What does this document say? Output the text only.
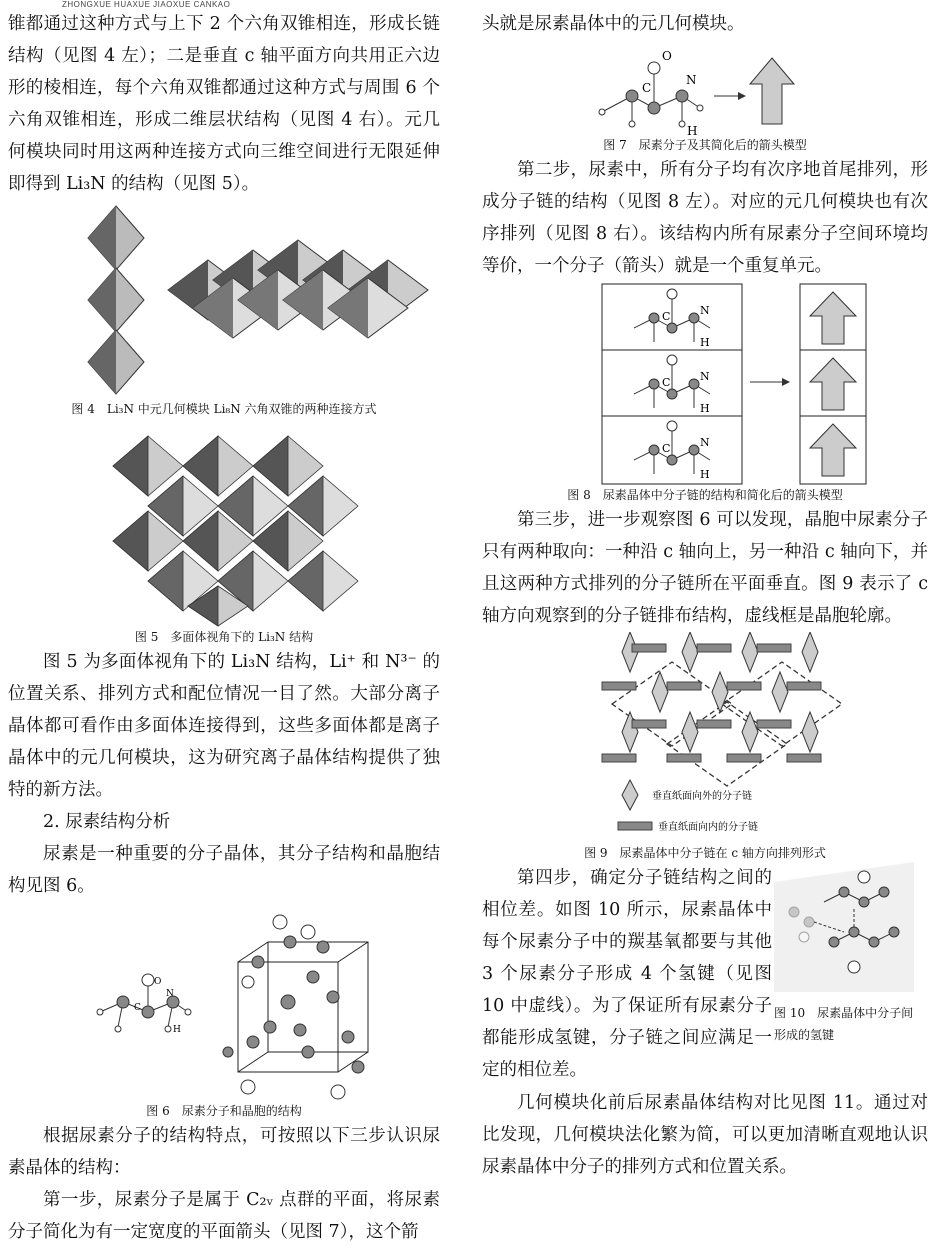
ZHONGXUE HUAXUE JIAOXUE CANKAO

锥都通过这种方式与上下 2 个六角双锥相连，形成长链结构（见图 4 左）；二是垂直 c 轴平面方向共用正六边形的棱相连，每个六角双锥都通过这种方式与周围 6 个六角双锥相连，形成二维层状结构（见图 4 右）。元几何模块同时用这两种连接方式向三维空间进行无限延伸即得到 Li₃N 的结构（见图 5）。

图 4　Li₃N 中元几何模块 Li₈N 六角双锥的两种连接方式

图 5　多面体视角下的 Li₃N 结构

图 5 为多面体视角下的 Li₃N 结构，Li⁺ 和 N³⁻ 的位置关系、排列方式和配位情况一目了然。大部分离子晶体都可看作由多面体连接得到，这些多面体都是离子晶体中的元几何模块，这为研究离子晶体结构提供了独特的新方法。

2. 尿素结构分析

尿素是一种重要的分子晶体，其分子结构和晶胞结构见图 6。

O
C
N
H

图 6　尿素分子和晶胞的结构

根据尿素分子的结构特点，可按照以下三步认识尿素晶体的结构：

第一步，尿素分子是属于 C₂ᵥ 点群的平面，将尿素分子简化为有一定宽度的平面箭头（见图 7），这个箭

头就是尿素晶体中的元几何模块。

O
C
N
H

图 7　尿素分子及其简化后的箭头模型

第二步，尿素中，所有分子均有次序地首尾排列，形成分子链的结构（见图 8 左）。对应的元几何模块也有次序排列（见图 8 右）。该结构内所有尿素分子空间环境均等价，一个分子（箭头）就是一个重复单元。

C	N
H
C	N
H
C	N
H

图 8　尿素晶体中分子链的结构和简化后的箭头模型

第三步，进一步观察图 6 可以发现，晶胞中尿素分子只有两种取向：一种沿 c 轴向上，另一种沿 c 轴向下，并且这两种方式排列的分子链所在平面垂直。图 9 表示了 c 轴方向观察到的分子链排布结构，虚线框是晶胞轮廓。

垂直纸面向外的分子链
垂直纸面向内的分子链

图 9　尿素晶体中分子链在 c 轴方向排列形式

第四步，确定分子链结构之间的相位差。如图 10 所示，尿素晶体中每个尿素分子中的羰基氧都要与其他 3 个尿素分子形成 4 个氢键（见图 10 中虚线）。为了保证所有尿素分子都能形成氢键，分子链之间应满足一定的相位差。

图 10　尿素晶体中分子间形成的氢键

几何模块化前后尿素晶体结构对比见图 11。通过对比发现，几何模块法化繁为简，可以更加清晰直观地认识尿素晶体中分子的排列方式和位置关系。
